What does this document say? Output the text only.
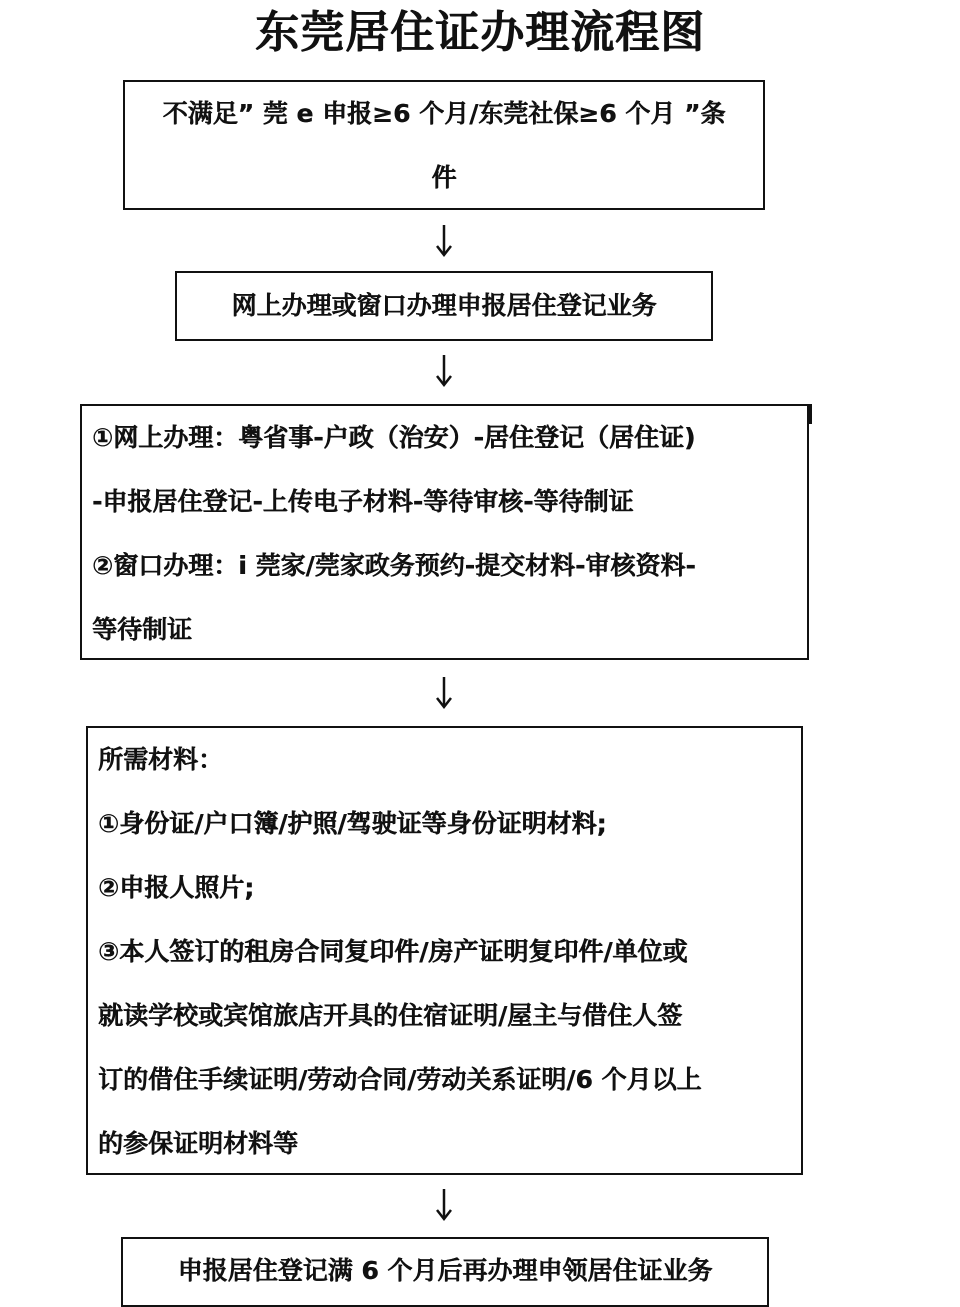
东莞居住证办理流程图
不满足” 莞 e 申报≥6 个月/东莞社保≥6 个月 ”条
件
网上办理或窗口办理申报居住登记业务
①网上办理：粤省事-户政（治安）-居住登记（居住证)
-申报居住登记-上传电子材料-等待审核-等待制证
②窗口办理：i 莞家/莞家政务预约-提交材料-审核资料-
等待制证
所需材料：
①身份证/户口簿/护照/驾驶证等身份证明材料;
②申报人照片;
③本人签订的租房合同复印件/房产证明复印件/单位或
就读学校或宾馆旅店开具的住宿证明/屋主与借住人签
订的借住手续证明/劳动合同/劳动关系证明/6 个月以上
的参保证明材料等
申报居住登记满 6 个月后再办理申领居住证业务
